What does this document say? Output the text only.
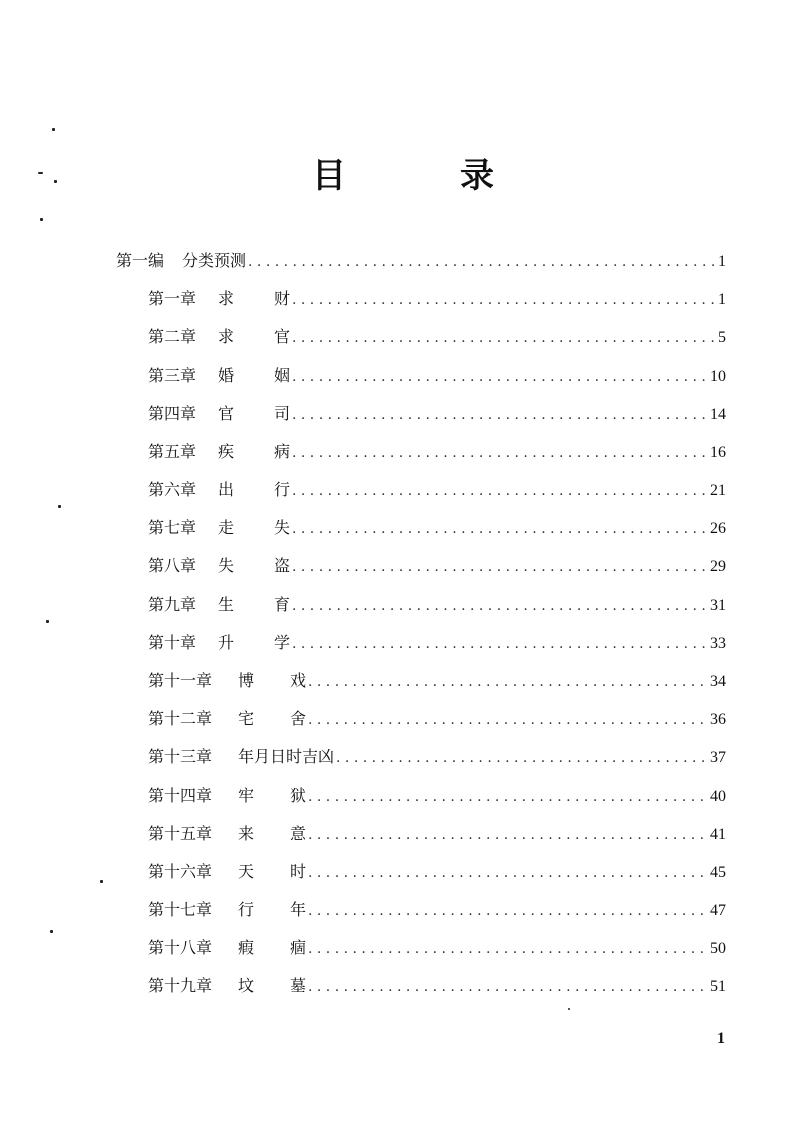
目　录
第一编 分类预测 . . .	1
第一章	求 财 . . .	1
第二章	求 官 . . .	5
第三章	婚 姻 . . .	10
第四章	官 司 . . .	14
第五章	疾 病 . . .	16
第六章	出 行 . . .	21
第七章	走 失 . . .	26
第八章	失 盗 . . .	29
第九章	生 育 . . .	31
第十章	升 学 . . .	33
第十一章	博 戏 . . .	34
第十二章	宅 舍 . . .	36
第十三章	年月日时吉凶 . . .	37
第十四章	牢 狱 . . .	40
第十五章	来 意 . . .	41
第十六章	天 时 . . .	45
第十七章	行 年 . . .	47
第十八章	瘕 痼 . . .	50
第十九章	坟 墓 . . .	51
1
